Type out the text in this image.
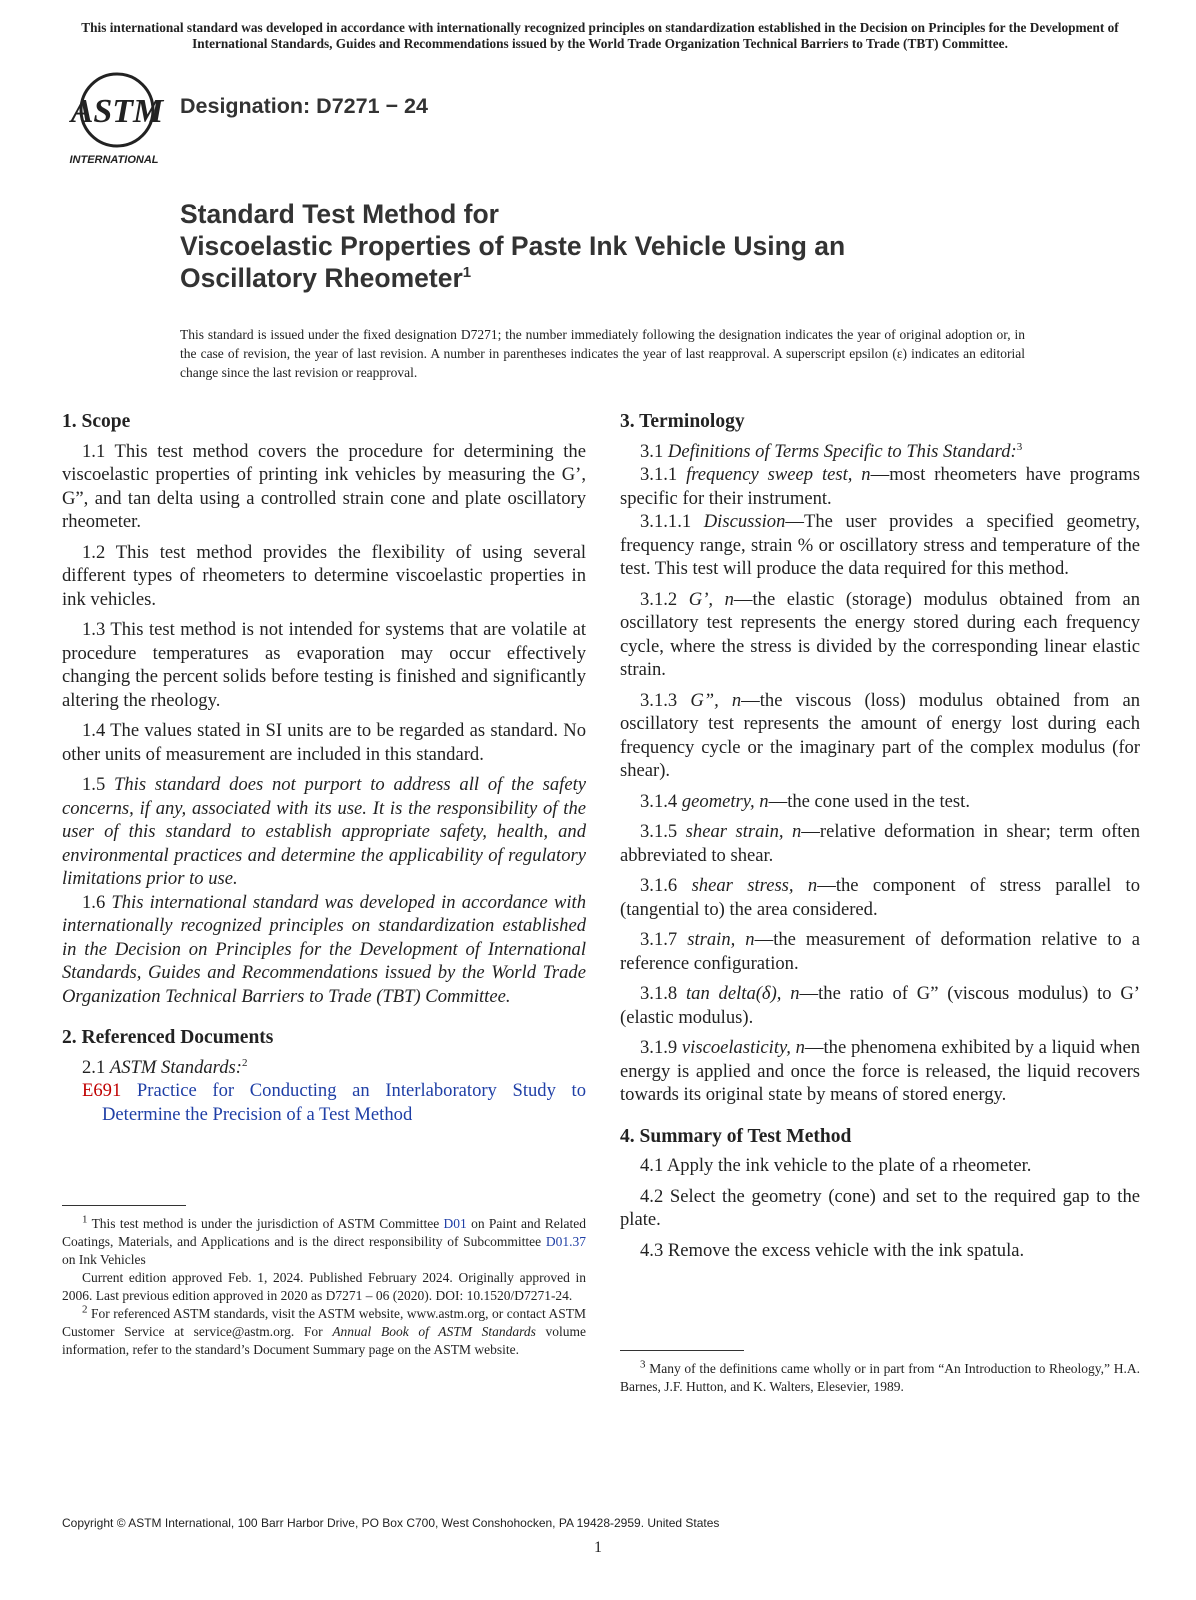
This international standard was developed in accordance with internationally recognized principles on standardization established in the Decision on Principles for the Development of International Standards, Guides and Recommendations issued by the World Trade Organization Technical Barriers to Trade (TBT) Committee.
ASTM
INTERNATIONAL
Designation: D7271 − 24
Standard Test Method for
Viscoelastic Properties of Paste Ink Vehicle Using an
Oscillatory Rheometer$^1$
This standard is issued under the fixed designation D7271; the number immediately following the designation indicates the year of original adoption or, in the case of revision, the year of last revision. A number in parentheses indicates the year of last reapproval. A superscript epsilon (ε) indicates an editorial change since the last revision or reapproval.

1. Scope

1.1 This test method covers the procedure for determining the viscoelastic properties of printing ink vehicles by measuring the G’, G”, and tan delta using a controlled strain cone and plate oscillatory rheometer.

1.2 This test method provides the flexibility of using several different types of rheometers to determine viscoelastic properties in ink vehicles.

1.3 This test method is not intended for systems that are volatile at procedure temperatures as evaporation may occur effectively changing the percent solids before testing is finished and significantly altering the rheology.

1.4 The values stated in SI units are to be regarded as standard. No other units of measurement are included in this standard.

1.5 This standard does not purport to address all of the safety concerns, if any, associated with its use. It is the responsibility of the user of this standard to establish appropriate safety, health, and environmental practices and determine the applicability of regulatory limitations prior to use.

1.6 This international standard was developed in accordance with internationally recognized principles on standardization established in the Decision on Principles for the Development of International Standards, Guides and Recommendations issued by the World Trade Organization Technical Barriers to Trade (TBT) Committee.

2. Referenced Documents

2.1 ASTM Standards:$^2$

E691 Practice for Conducting an Interlaboratory Study to Determine the Precision of a Test Method

$^1$ This test method is under the jurisdiction of ASTM Committee D01 on Paint and Related Coatings, Materials, and Applications and is the direct responsibility of Subcommittee D01.37 on Ink Vehicles

Current edition approved Feb. 1, 2024. Published February 2024. Originally approved in 2006. Last previous edition approved in 2020 as D7271 – 06 (2020). DOI: 10.1520/D7271-24.

$^2$ For referenced ASTM standards, visit the ASTM website, www.astm.org, or contact ASTM Customer Service at service@astm.org. For Annual Book of ASTM Standards volume information, refer to the standard’s Document Summary page on the ASTM website.

3. Terminology

3.1 Definitions of Terms Specific to This Standard:$^3$

3.1.1 frequency sweep test, n—most rheometers have programs specific for their instrument.

3.1.1.1 Discussion—The user provides a specified geometry, frequency range, strain % or oscillatory stress and temperature of the test. This test will produce the data required for this method.

3.1.2 G’, n—the elastic (storage) modulus obtained from an oscillatory test represents the energy stored during each frequency cycle, where the stress is divided by the corresponding linear elastic strain.

3.1.3 G”, n—the viscous (loss) modulus obtained from an oscillatory test represents the amount of energy lost during each frequency cycle or the imaginary part of the complex modulus (for shear).

3.1.4 geometry, n—the cone used in the test.

3.1.5 shear strain, n—relative deformation in shear; term often abbreviated to shear.

3.1.6 shear stress, n—the component of stress parallel to (tangential to) the area considered.

3.1.7 strain, n—the measurement of deformation relative to a reference configuration.

3.1.8 tan delta(δ), n—the ratio of G” (viscous modulus) to G’ (elastic modulus).

3.1.9 viscoelasticity, n—the phenomena exhibited by a liquid when energy is applied and once the force is released, the liquid recovers towards its original state by means of stored energy.

4. Summary of Test Method

4.1 Apply the ink vehicle to the plate of a rheometer.

4.2 Select the geometry (cone) and set to the required gap to the plate.

4.3 Remove the excess vehicle with the ink spatula.

$^3$ Many of the definitions came wholly or in part from “An Introduction to Rheology,” H.A. Barnes, J.F. Hutton, and K. Walters, Elesevier, 1989.

Copyright © ASTM International, 100 Barr Harbor Drive, PO Box C700, West Conshohocken, PA 19428-2959. United States
1
